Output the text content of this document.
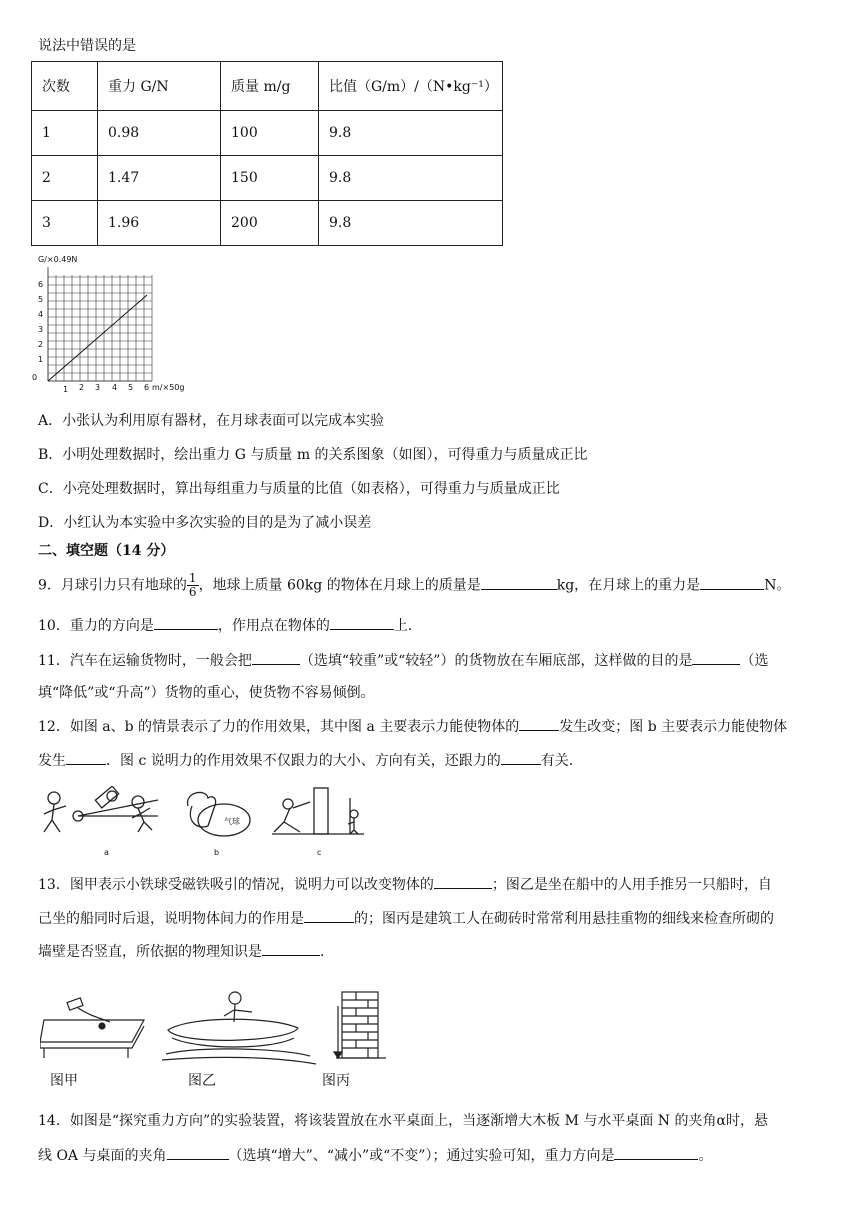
说法中错误的是
次数	重力 G/N	质量 m/g	比值（G/m）/（N•kg⁻¹）
1	0.98	100	9.8
2	1.47	150	9.8
3	1.96	200	9.8
G/×0.49N
0
1
2
3
4
5
6
1 2 3 4 5 6 m/×50g
A．小张认为利用原有器材，在月球表面可以完成本实验
B．小明处理数据时，绘出重力 G 与质量 m 的关系图象（如图），可得重力与质量成正比
C．小亮处理数据时，算出每组重力与质量的比值（如表格），可得重力与质量成正比
D．小红认为本实验中多次实验的目的是为了减小误差
二、填空题（14 分）
9．月球引力只有地球的 $\frac{1}{6}$ ，地球上质量 60kg 的物体在月球上的质量是	kg，在月球上的重力是	N。
10．重力的方向是	，作用点在物体的	上．
11．汽车在运输货物时，一般会把	（选填“较重”或“较轻”）的货物放在车厢底部，这样做的目的是	（选
填“降低”或“升高”）货物的重心，使货物不容易倾倒。
12．如图 a、b 的情景表示了力的作用效果，其中图 a 主要表示力能使物体的	发生改变；图 b 主要表示力能使物体
发生	．图 c 说明力的作用效果不仅跟力的大小、方向有关，还跟力的	有关．
气球
a	b	c
13．图甲表示小铁球受磁铁吸引的情况，说明力可以改变物体的	；图乙是坐在船中的人用手推另一只船时，自
己坐的船同时后退，说明物体间力的作用是	的；图丙是建筑工人在砌砖时常常利用悬挂重物的细线来检查所砌的
墙壁是否竖直，所依据的物理知识是	．
图甲	图乙	图丙
14．如图是“探究重力方向”的实验装置，将该装置放在水平桌面上，当逐渐增大木板 M 与水平桌面 N 的夹角α时，悬
线 OA 与桌面的夹角	（选填“增大”、“减小”或“不变”）；通过实验可知，重力方向是	。
